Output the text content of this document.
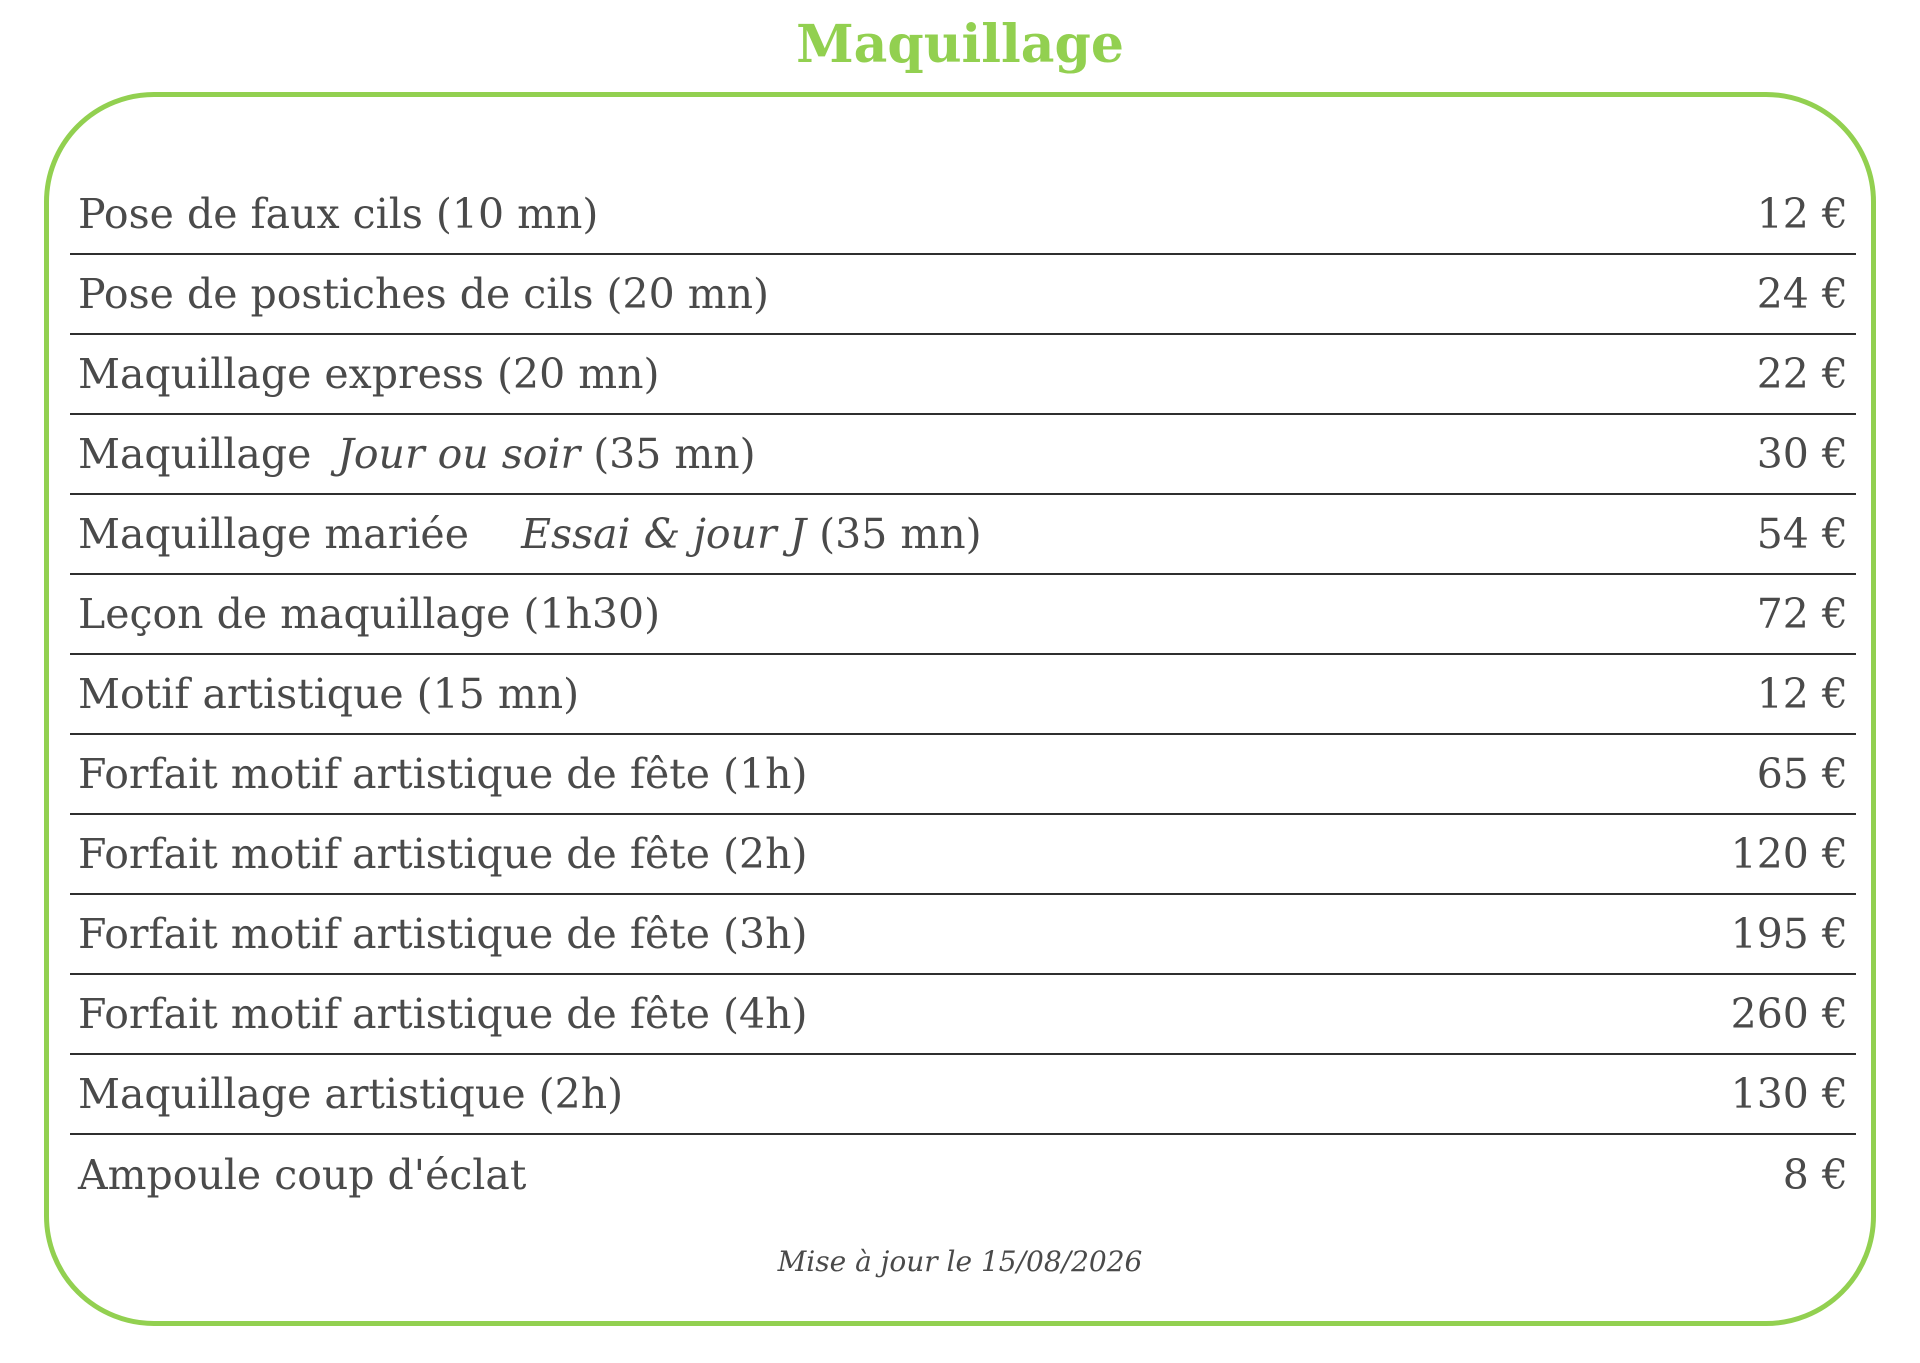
Maquillage
Pose de faux cils (10 mn)	12 €
Pose de postiches de cils (20 mn)	24 €
Maquillage express (20 mn)	22 €
Maquillage  Jour ou soir (35 mn)	30 €
Maquillage mariée    Essai & jour J (35 mn)	54 €
Leçon de maquillage (1h30)	72 €
Motif artistique (15 mn)	12 €
Forfait motif artistique de fête (1h)	65 €
Forfait motif artistique de fête (2h)	120 €
Forfait motif artistique de fête (3h)	195 €
Forfait motif artistique de fête (4h)	260 €
Maquillage artistique (2h)	130 €
Ampoule coup d'éclat	8 €
Mise à jour le 15/08/2026
